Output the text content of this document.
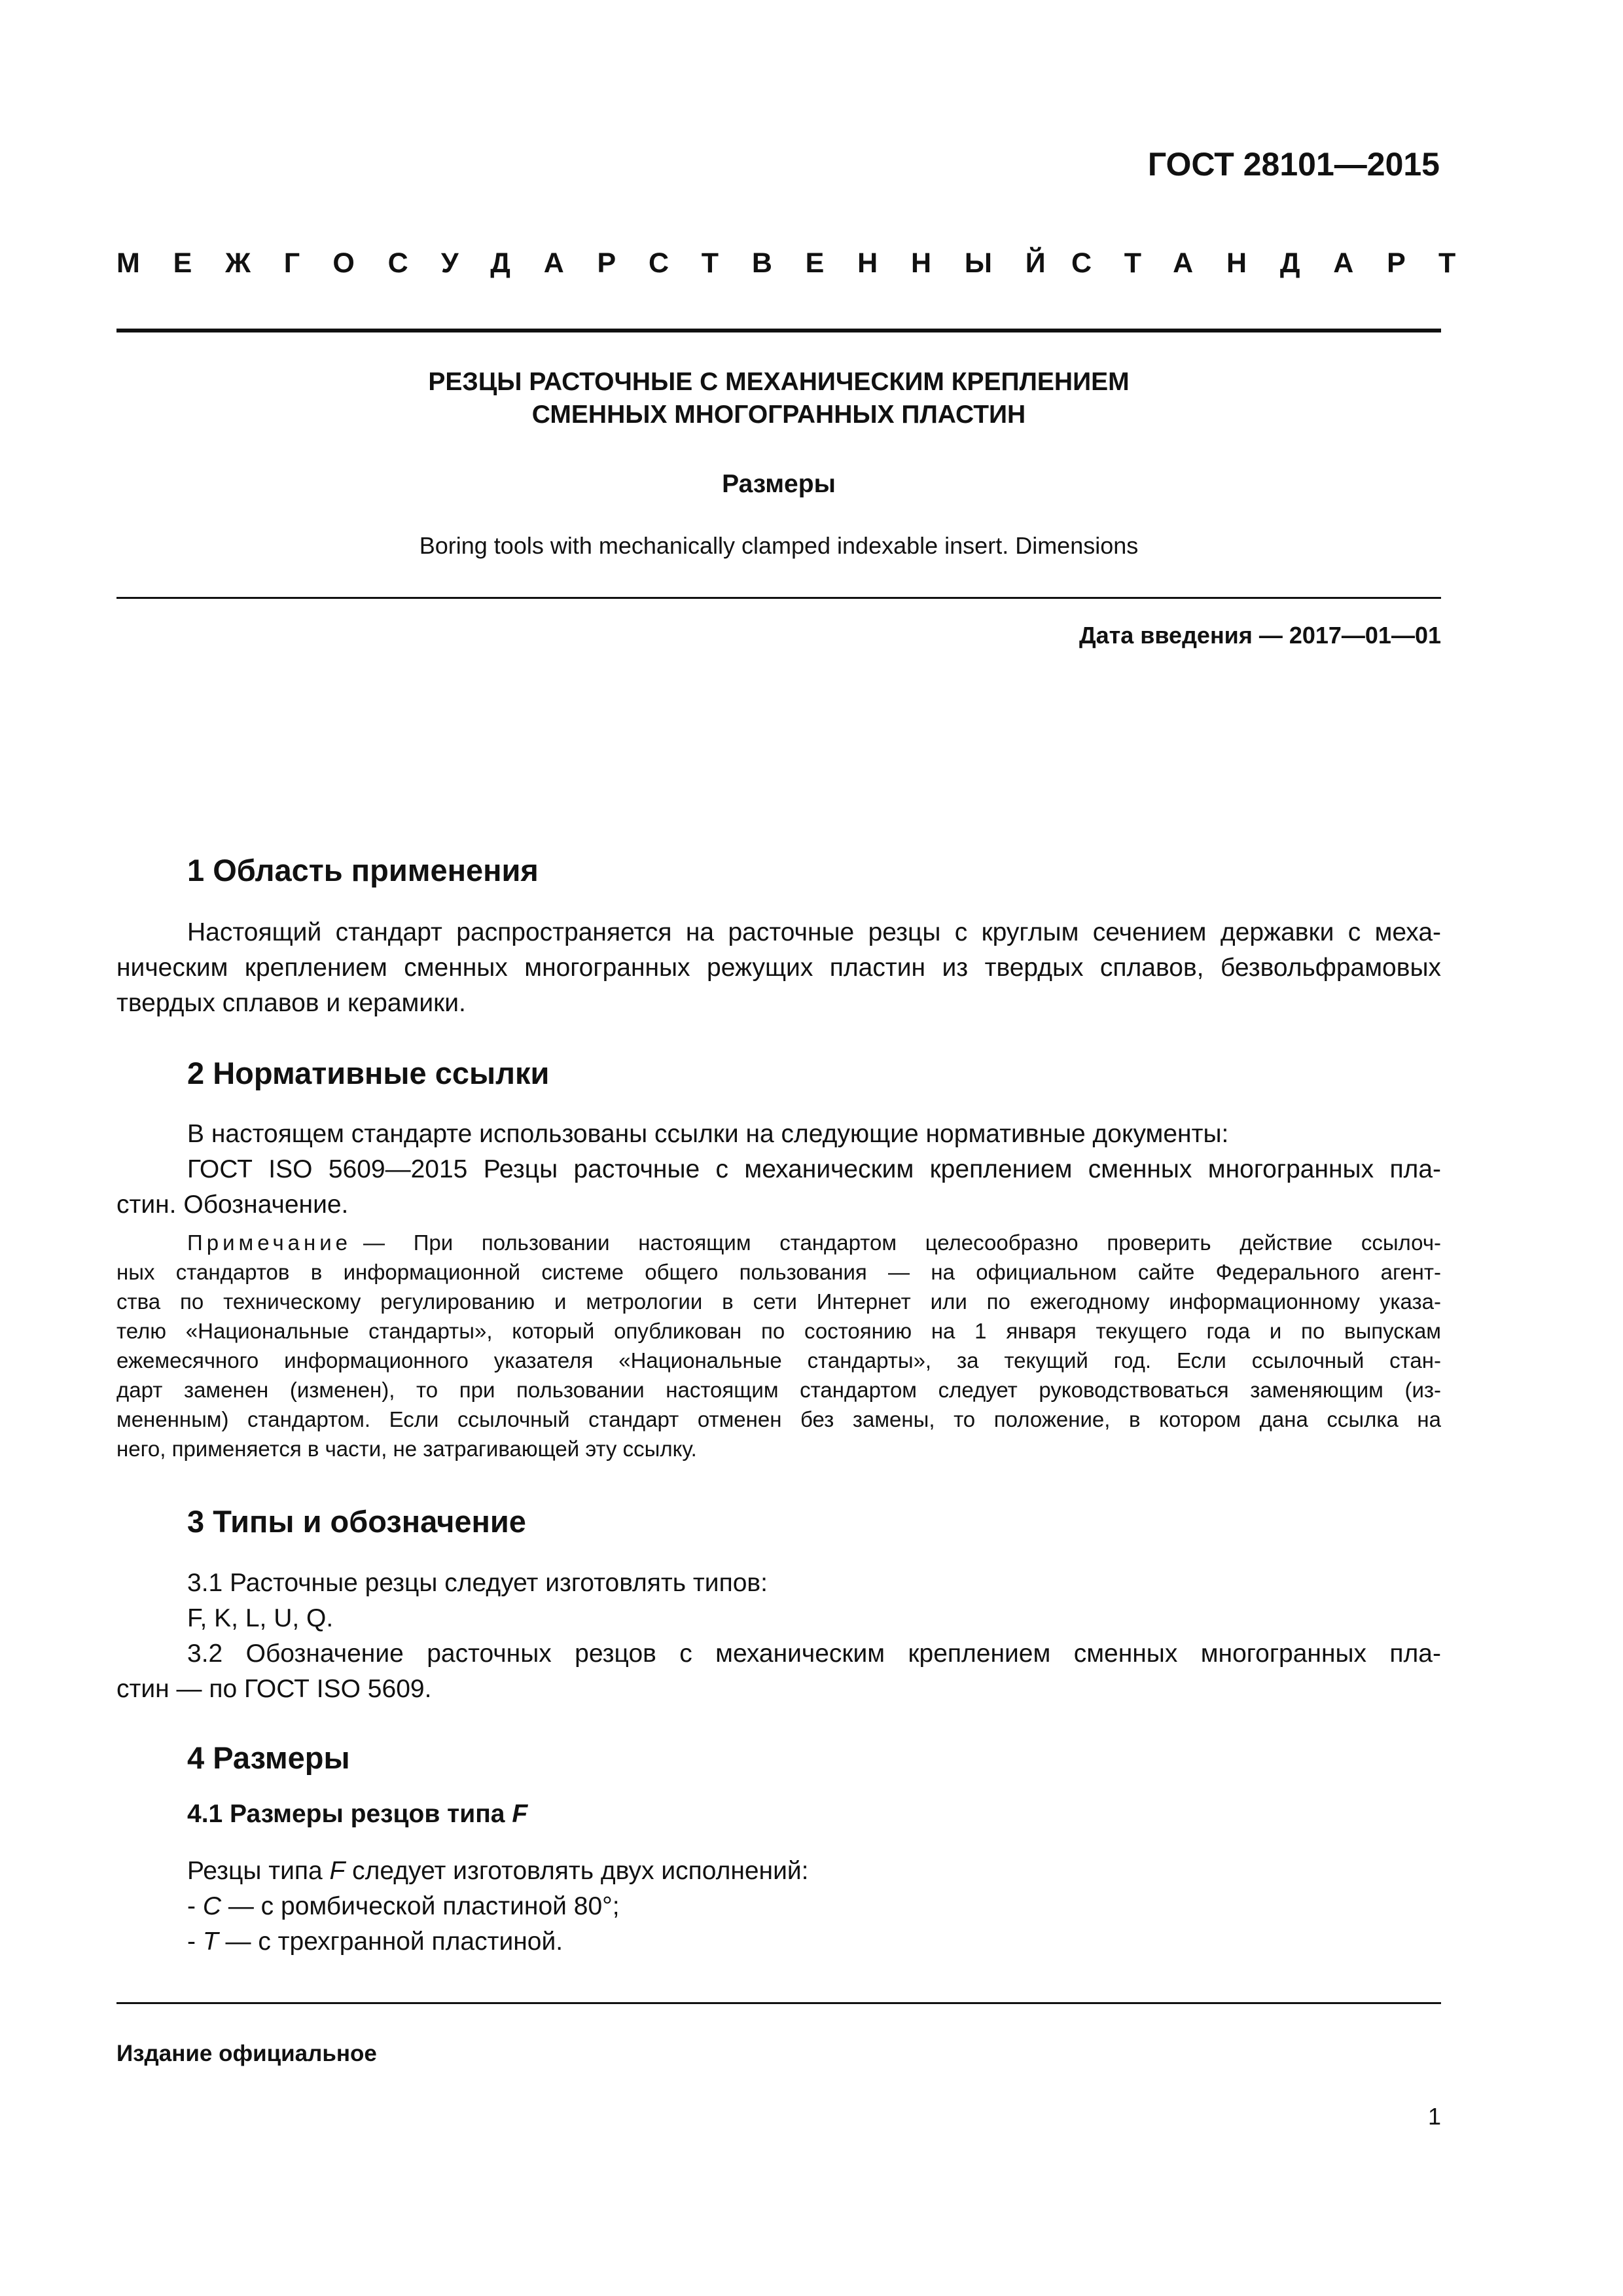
ГОСТ 28101—2015
МЕЖГОСУДАРСТВЕННЫЙ
СТАНДАРТ
РЕЗЦЫ РАСТОЧНЫЕ С МЕХАНИЧЕСКИМ КРЕПЛЕНИЕМ
СМЕННЫХ МНОГОГРАННЫХ ПЛАСТИН
Размеры
Boring tools with mechanically clamped indexable insert. Dimensions
Дата введения — 2017—01—01
1 Область применения
Настоящий стандарт распространяется на расточные резцы с круглым сечением державки с меха-
ническим креплением сменных многогранных режущих пластин из твердых сплавов, безвольфрамовых
твердых сплавов и керамики.
2 Нормативные ссылки
В настоящем стандарте использованы ссылки на следующие нормативные документы:
ГОСТ ISO 5609—2015 Резцы расточные с механическим креплением сменных многогранных пла-
стин. Обозначение.
Примечание — При пользовании настоящим стандартом целесообразно проверить действие ссылоч-
ных стандартов в информационной системе общего пользования — на официальном сайте Федерального агент-
ства по техническому регулированию и метрологии в сети Интернет или по ежегодному информационному указа-
телю «Национальные стандарты», который опубликован по состоянию на 1 января текущего года и по выпускам
ежемесячного информационного указателя «Национальные стандарты», за текущий год. Если ссылочный стан-
дарт заменен (изменен), то при пользовании настоящим стандартом следует руководствоваться заменяющим (из-
мененным) стандартом. Если ссылочный стандарт отменен без замены, то положение, в котором дана ссылка на
него, применяется в части, не затрагивающей эту ссылку.
3 Типы и обозначение
3.1 Расточные резцы следует изготовлять типов:
F, K, L, U, Q.
3.2 Обозначение расточных резцов с механическим креплением сменных многогранных пла-
стин — по ГОСТ ISO 5609.
4 Размеры
4.1 Размеры резцов типа F
Резцы типа F следует изготовлять двух исполнений:
- C — с ромбической пластиной 80°;
- T — с трехгранной пластиной.
Издание официальное
1
